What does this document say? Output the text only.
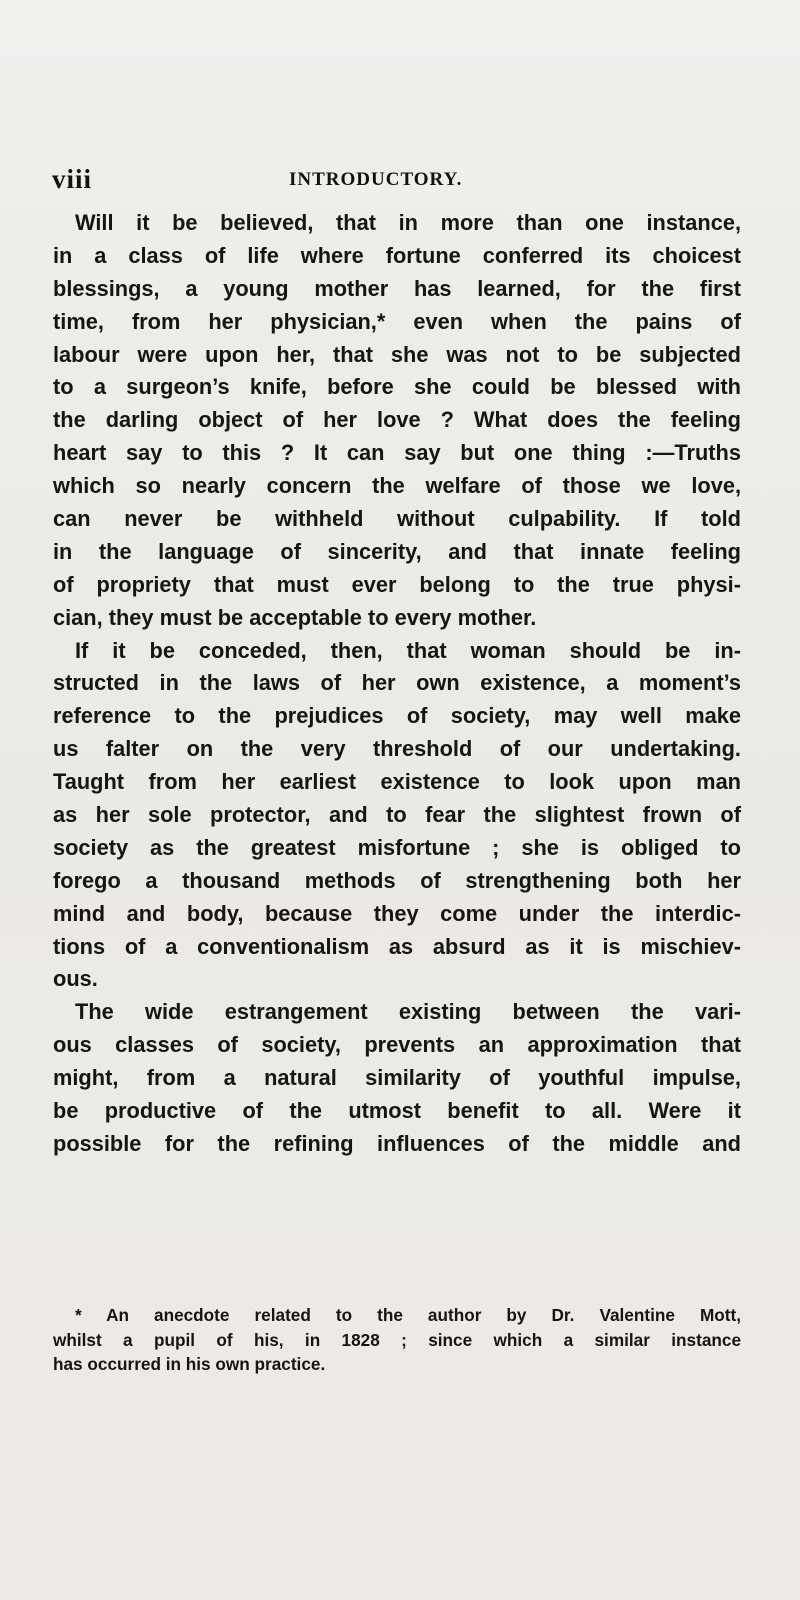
viii	INTRODUCTORY.
Will it be believed, that in more than one instance,
in a class of life where fortune conferred its choicest
blessings, a young mother has learned, for the first
time, from her physician,* even when the pains of
labour were upon her, that she was not to be subjected
to a surgeon’s knife, before she could be blessed with
the darling object of her love ? What does the feeling
heart say to this ? It can say but one thing :—Truths
which so nearly concern the welfare of those we love,
can never be withheld without culpability. If told
in the language of sincerity, and that innate feeling
of propriety that must ever belong to the true physi-
cian, they must be acceptable to every mother.
If it be conceded, then, that woman should be in-
structed in the laws of her own existence, a moment’s
reference to the prejudices of society, may well make
us falter on the very threshold of our undertaking.
Taught from her earliest existence to look upon man
as her sole protector, and to fear the slightest frown of
society as the greatest misfortune ; she is obliged to
forego a thousand methods of strengthening both her
mind and body, because they come under the interdic-
tions of a conventionalism as absurd as it is mischiev-
ous.
The wide estrangement existing between the vari-
ous classes of society, prevents an approximation that
might, from a natural similarity of youthful impulse,
be productive of the utmost benefit to all. Were it
possible for the refining influences of the middle and
* An anecdote related to the author by Dr. Valentine Mott,
whilst a pupil of his, in 1828 ; since which a similar instance
has occurred in his own practice.
